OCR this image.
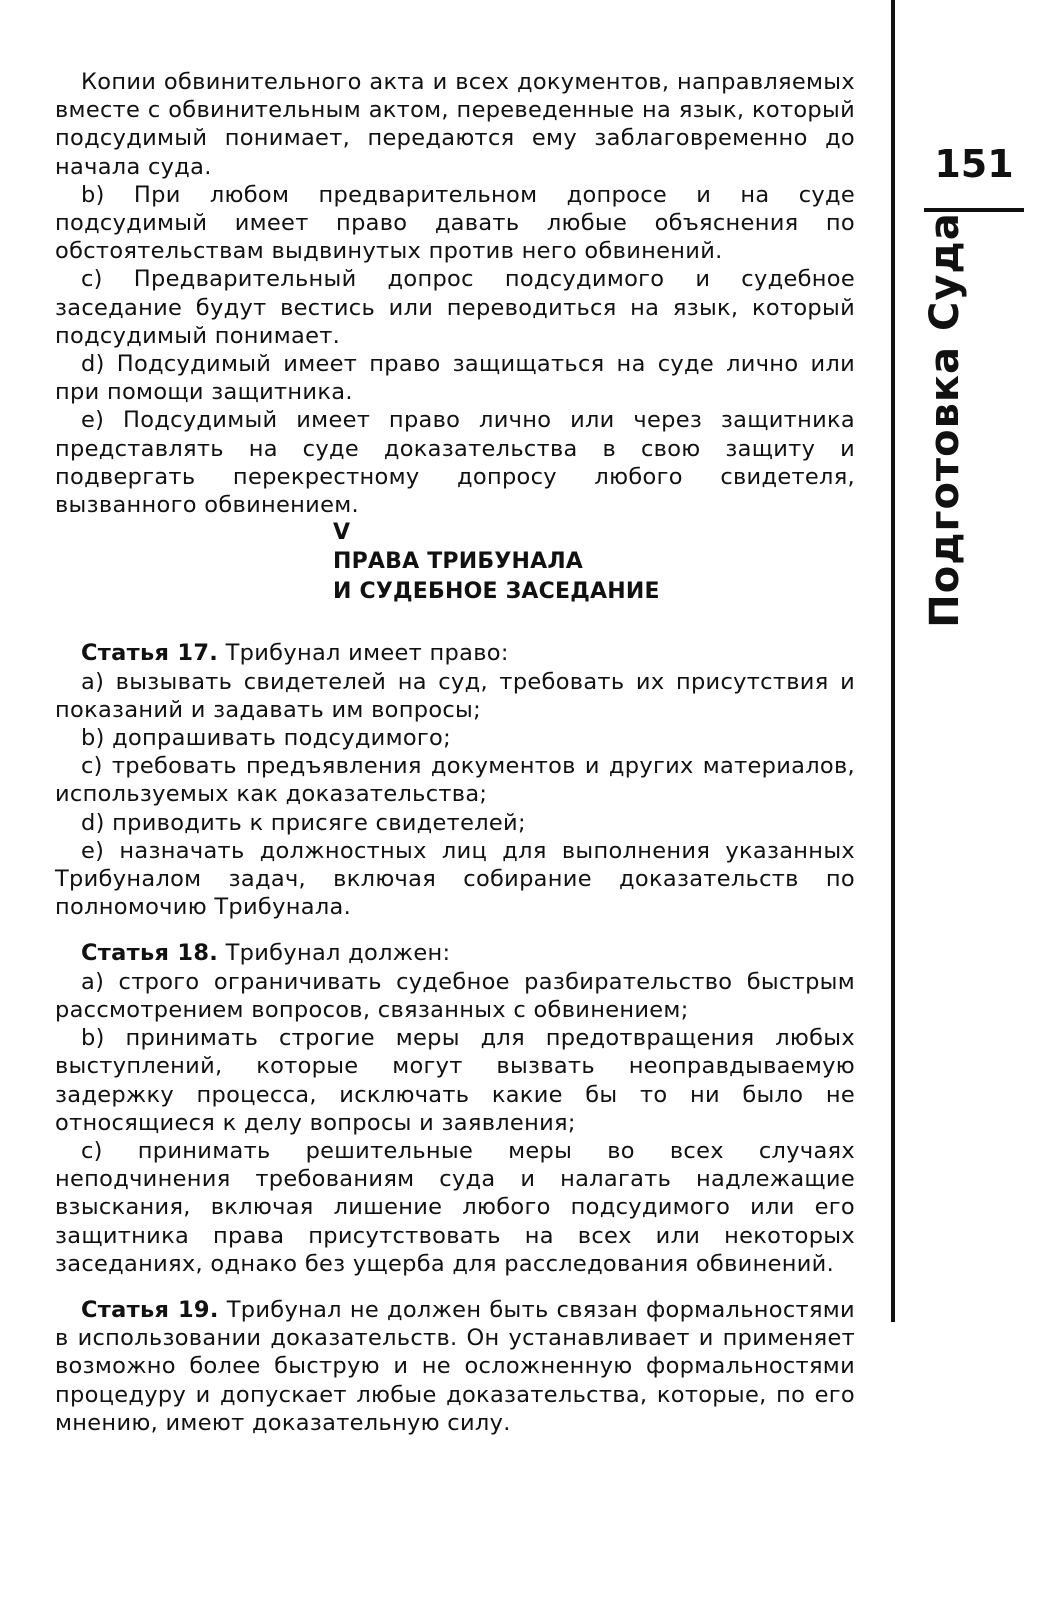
Копии обвинительного акта и всех документов, направляемых вместе с обвинительным актом, переведенные на язык, который подсудимый понимает, передаются ему заблаговременно до начала суда.

b) При любом предварительном допросе и на суде подсудимый имеет право давать любые объяснения по обстоятельствам выдвинутых против него обвинений.

c) Предварительный допрос подсудимого и судебное заседание будут вестись или переводиться на язык, который подсудимый понимает.

d) Подсудимый имеет право защищаться на суде лично или при помощи защитника.

e) Подсудимый имеет право лично или через защитника представлять на суде доказательства в свою защиту и подвергать перекрестному допросу любого свидетеля, вызванного обвинением.

V

ПРАВА ТРИБУНАЛА
И СУДЕБНОЕ ЗАСЕДАНИЕ

Статья 17. Трибунал имеет право:

a) вызывать свидетелей на суд, требовать их присутствия и показаний и задавать им вопросы;

b) допрашивать подсудимого;

c) требовать предъявления документов и других материалов, используемых как доказательства;

d) приводить к присяге свидетелей;

e) назначать должностных лиц для выполнения указанных Трибуналом задач, включая собирание доказательств по полномочию Трибунала.

Статья 18. Трибунал должен:

a) строго ограничивать судебное разбирательство быстрым рассмотрением вопросов, связанных с обвинением;

b) принимать строгие меры для предотвращения любых выступлений, которые могут вызвать неоправдываемую задержку процесса, исключать какие бы то ни было не относящиеся к делу вопросы и заявления;

c) принимать решительные меры во всех случаях неподчинения требованиям суда и налагать надлежащие взыскания, включая лишение любого подсудимого или его защитника права присутствовать на всех или некоторых заседаниях, однако без ущерба для расследования обвинений.

Статья 19. Трибунал не должен быть связан формальностями в использовании доказательств. Он устанавливает и применяет возможно более быструю и не осложненную формальностями процедуру и допускает любые доказательства, которые, по его мнению, имеют доказательную силу.

151
Подготовка Суда
